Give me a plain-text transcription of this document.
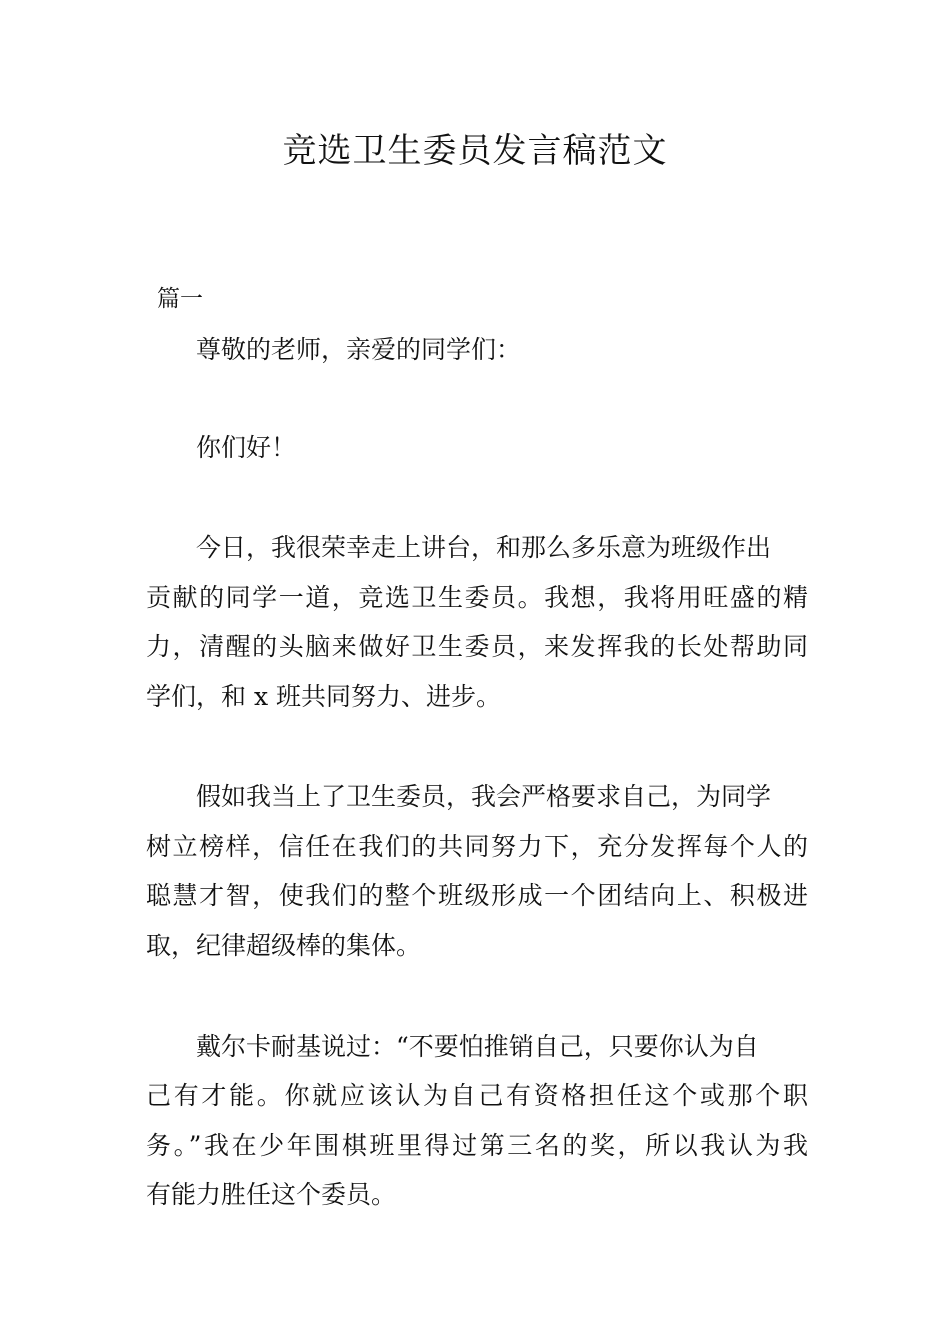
竞选卫生委员发言稿范文

篇一

尊敬的老师，亲爱的同学们：

你们好！

今日，我很荣幸走上讲台，和那么多乐意为班级作出

贡献的同学一道，竞选卫生委员。我想，我将用旺盛的精

力，清醒的头脑来做好卫生委员，来发挥我的长处帮助同

学们，和 x 班共同努力、进步。

假如我当上了卫生委员，我会严格要求自己，为同学

树立榜样，信任在我们的共同努力下，充分发挥每个人的

聪慧才智，使我们的整个班级形成一个团结向上、积极进

取，纪律超级棒的集体。

戴尔卡耐基说过：“不要怕推销自己，只要你认为自

己有才能。你就应该认为自己有资格担任这个或那个职

务。”我在少年围棋班里得过第三名的奖，所以我认为我

有能力胜任这个委员。
